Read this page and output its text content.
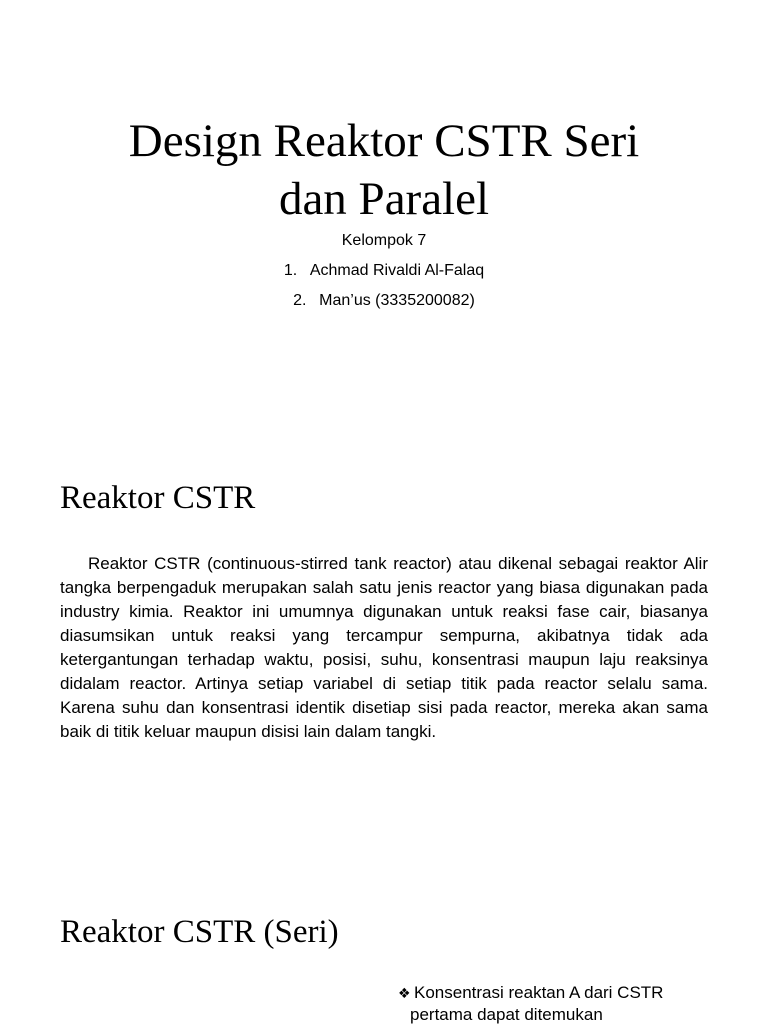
Design Reaktor CSTR Seri
dan Paralel
Kelompok 7
1. Achmad Rivaldi Al-Falaq
2. Man’us (3335200082)
Reaktor CSTR

Reaktor CSTR (continuous-stirred tank reactor) atau dikenal sebagai reaktor Alir tangka berpengaduk merupakan salah satu jenis reactor yang biasa digunakan pada industry kimia. Reaktor ini umumnya digunakan untuk reaksi fase cair, biasanya diasumsikan untuk reaksi yang tercampur sempurna, akibatnya tidak ada ketergantungan terhadap waktu, posisi, suhu, konsentrasi maupun laju reaksinya didalam reactor. Artinya setiap variabel di setiap titik pada reactor selalu sama. Karena suhu dan konsentrasi identik disetiap sisi pada reactor, mereka akan sama baik di titik keluar maupun disisi lain dalam tangki.

Reaktor CSTR (Seri)
❖ Konsentrasi reaktan A dari CSTR
pertama dapat ditemukan
